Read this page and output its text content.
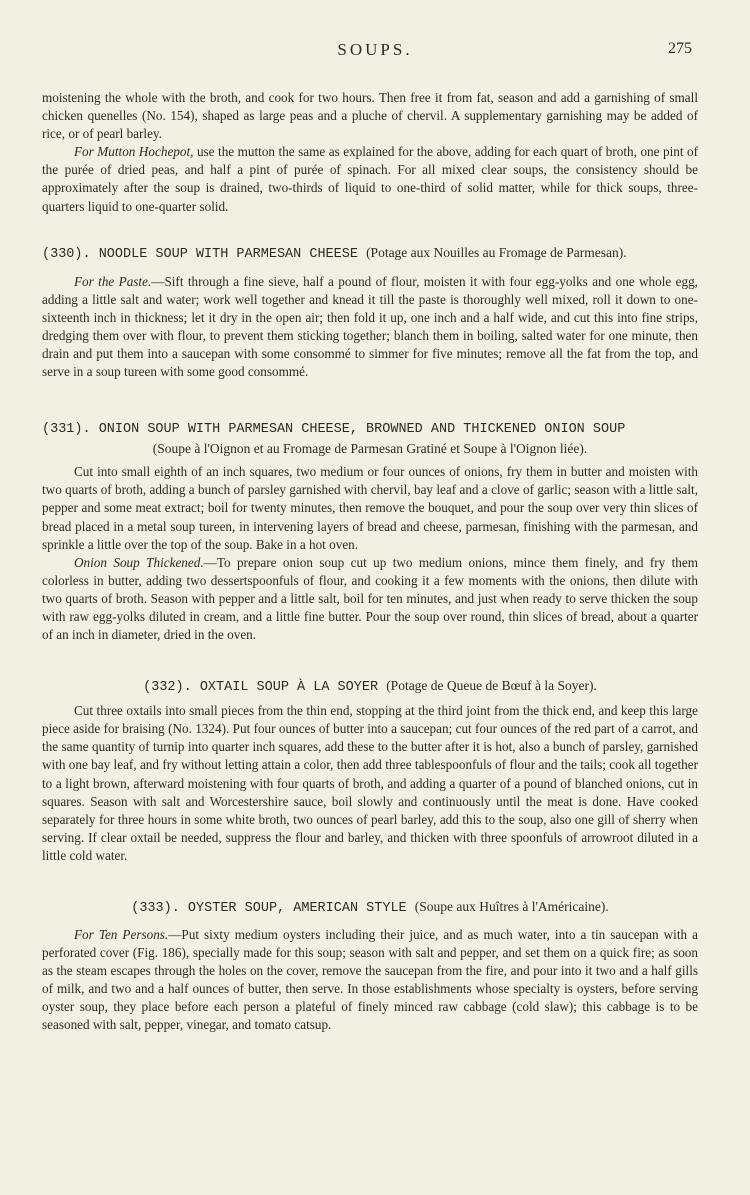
SOUPS.	275

moistening the whole with the broth, and cook for two hours. Then free it from fat, season and add a garnishing of small chicken quenelles (No. 154), shaped as large peas and a pluche of chervil. A supplementary garnishing may be added of rice, or of pearl barley.

For Mutton Hochepot, use the mutton the same as explained for the above, adding for each quart of broth, one pint of the purée of dried peas, and half a pint of purée of spinach. For all mixed clear soups, the consistency should be approximately after the soup is drained, two-thirds of liquid to one-third of solid matter, while for thick soups, three-quarters liquid to one-quarter solid.

(330). NOODLE SOUP WITH PARMESAN CHEESE (Potage aux Nouilles au Fromage de Parmesan).

For the Paste.—Sift through a fine sieve, half a pound of flour, moisten it with four egg-yolks and one whole egg, adding a little salt and water; work well together and knead it till the paste is thoroughly well mixed, roll it down to one-sixteenth inch in thickness; let it dry in the open air; then fold it up, one inch and a half wide, and cut this into fine strips, dredging them over with flour, to prevent them sticking together; blanch them in boiling, salted water for one minute, then drain and put them into a saucepan with some consommé to simmer for five minutes; remove all the fat from the top, and serve in a soup tureen with some good consommé.

(331). ONION SOUP WITH PARMESAN CHEESE, BROWNED AND THICKENED ONION SOUP
(Soupe à l'Oignon et au Fromage de Parmesan Gratiné et Soupe à l'Oignon liée).

Cut into small eighth of an inch squares, two medium or four ounces of onions, fry them in butter and moisten with two quarts of broth, adding a bunch of parsley garnished with chervil, bay leaf and a clove of garlic; season with a little salt, pepper and some meat extract; boil for twenty minutes, then remove the bouquet, and pour the soup over very thin slices of bread placed in a metal soup tureen, in intervening layers of bread and cheese, parmesan, finishing with the parmesan, and sprinkle a little over the top of the soup. Bake in a hot oven.

Onion Soup Thickened.—To prepare onion soup cut up two medium onions, mince them finely, and fry them colorless in butter, adding two dessertspoonfuls of flour, and cooking it a few moments with the onions, then dilute with two quarts of broth. Season with pepper and a little salt, boil for ten minutes, and just when ready to serve thicken the soup with raw egg-yolks diluted in cream, and a little fine butter. Pour the soup over round, thin slices of bread, about a quarter of an inch in diameter, dried in the oven.

(332). OXTAIL SOUP À LA SOYER (Potage de Queue de Bœuf à la Soyer).

Cut three oxtails into small pieces from the thin end, stopping at the third joint from the thick end, and keep this large piece aside for braising (No. 1324). Put four ounces of butter into a saucepan; cut four ounces of the red part of a carrot, and the same quantity of turnip into quarter inch squares, add these to the butter after it is hot, also a bunch of parsley, garnished with one bay leaf, and fry without letting attain a color, then add three tablespoonfuls of flour and the tails; cook all together to a light brown, afterward moistening with four quarts of broth, and adding a quarter of a pound of blanched onions, cut in squares. Season with salt and Worcestershire sauce, boil slowly and continuously until the meat is done. Have cooked separately for three hours in some white broth, two ounces of pearl barley, add this to the soup, also one gill of sherry when serving. If clear oxtail be needed, suppress the flour and barley, and thicken with three spoonfuls of arrowroot diluted in a little cold water.

(333). OYSTER SOUP, AMERICAN STYLE (Soupe aux Huîtres à l'Américaine).

For Ten Persons.—Put sixty medium oysters including their juice, and as much water, into a tin saucepan with a perforated cover (Fig. 186), specially made for this soup; season with salt and pepper, and set them on a quick fire; as soon as the steam escapes through the holes on the cover, remove the saucepan from the fire, and pour into it two and a half gills of milk, and two and a half ounces of butter, then serve. In those establishments whose specialty is oysters, before serving oyster soup, they place before each person a plateful of finely minced raw cabbage (cold slaw); this cabbage is to be seasoned with salt, pepper, vinegar, and tomato catsup.
